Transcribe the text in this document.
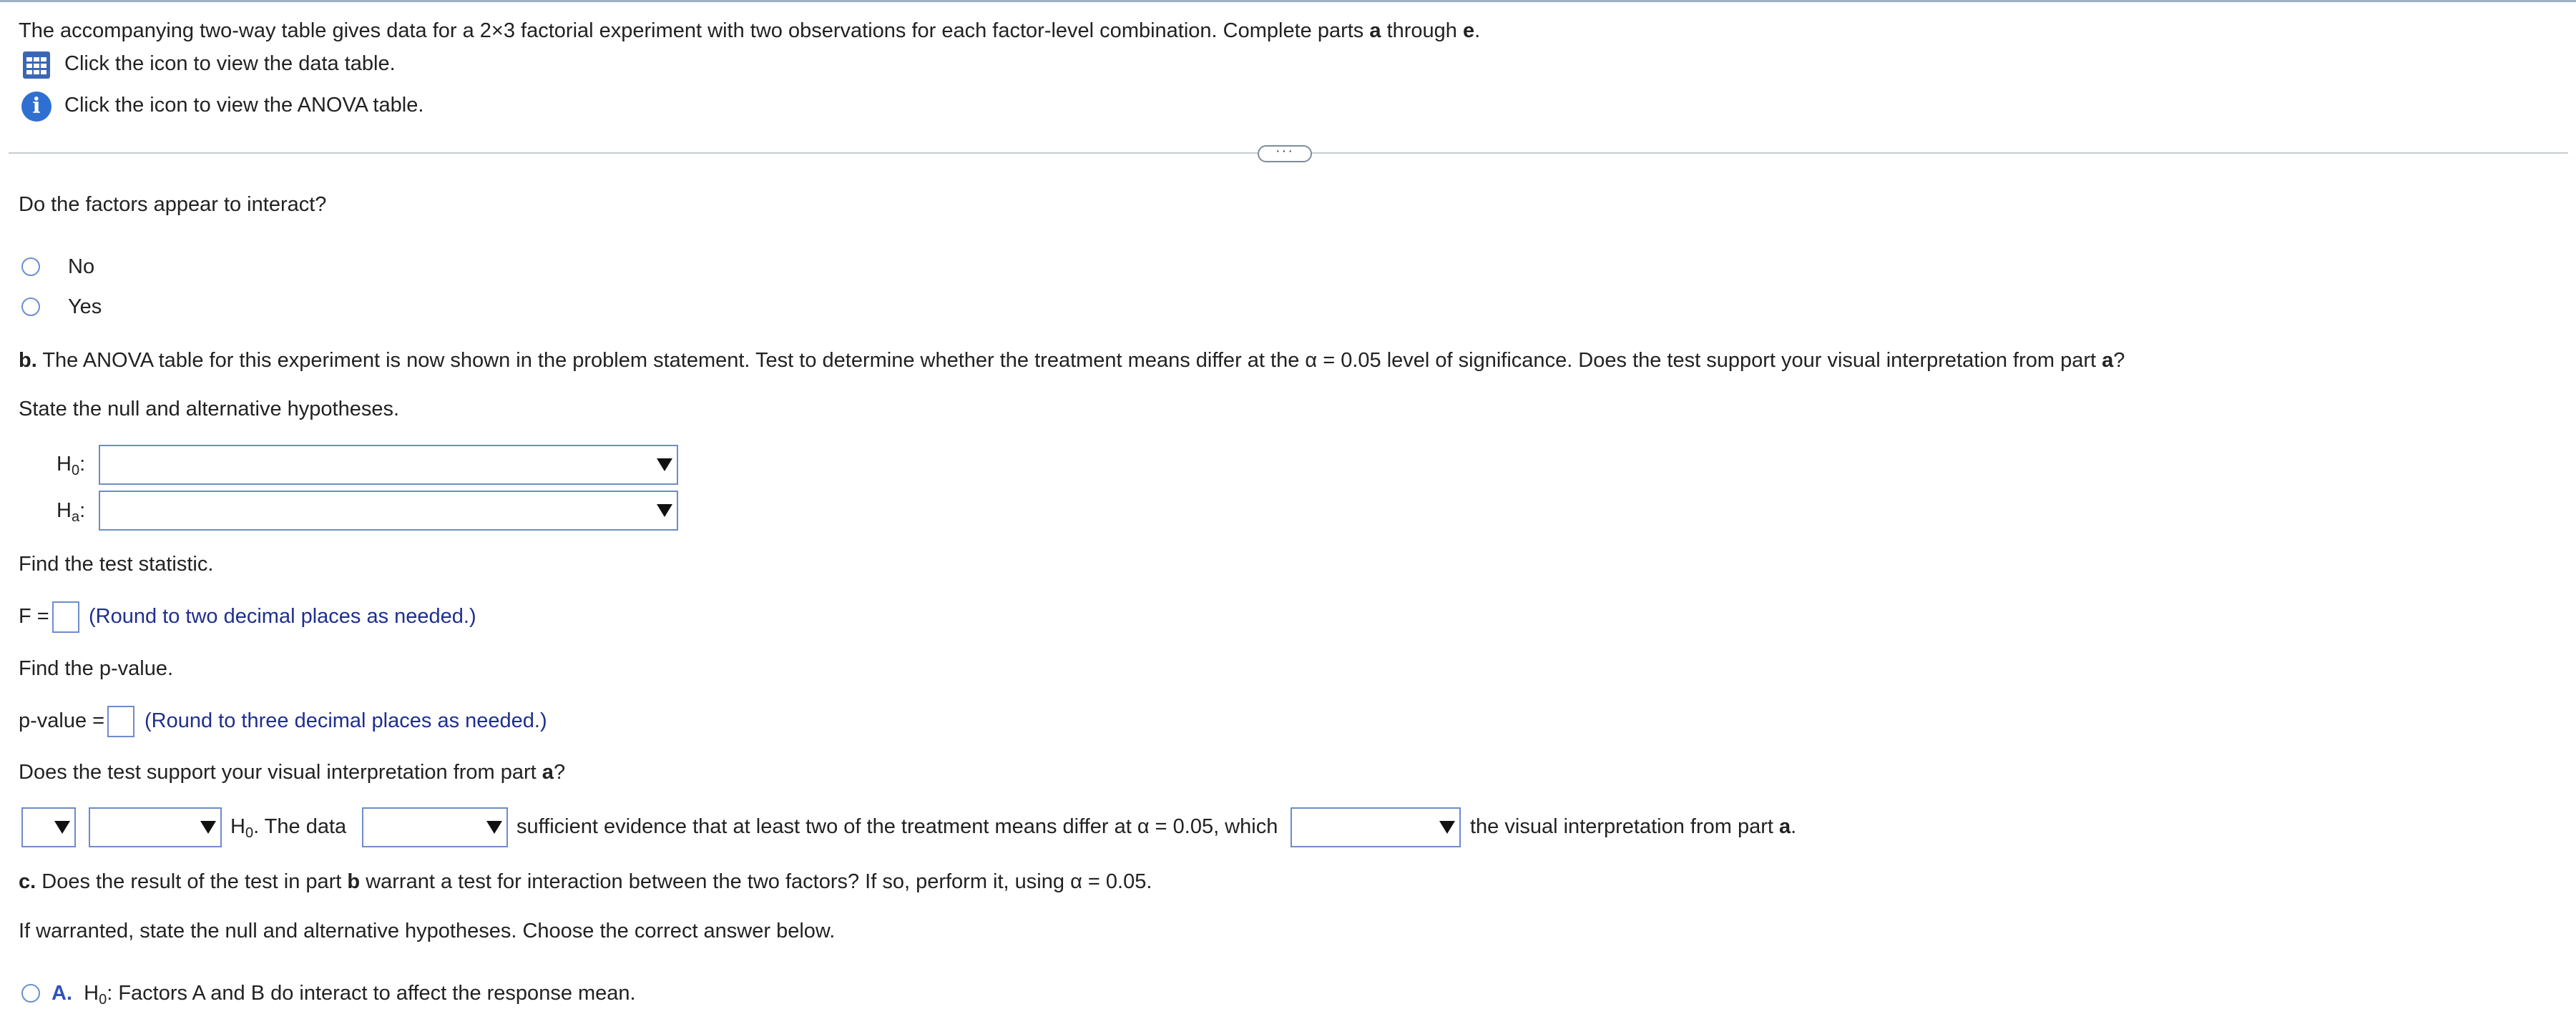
The accompanying two-way table gives data for a 2×3 factorial experiment with two observations for each factor-level combination. Complete parts a through e.
Click the icon to view the data table.
i	Click the icon to view the ANOVA table.
···
Do the factors appear to interact?
No
Yes
b. The ANOVA table for this experiment is now shown in the problem statement. Test to determine whether the treatment means differ at the α = 0.05 level of significance. Does the test support your visual interpretation from part a?
State the null and alternative hypotheses.
$H_0$:
$H_a$:
Find the test statistic.
F = (Round to two decimal places as needed.)
Find the p-value.
p-value = (Round to three decimal places as needed.)
Does the test support your visual interpretation from part a?
$H_0$. The data	sufficient evidence that at least two of the treatment means differ at α = 0.05, which	the visual interpretation from part a.
c. Does the result of the test in part b warrant a test for interaction between the two factors? If so, perform it, using α = 0.05.
If warranted, state the null and alternative hypotheses. Choose the correct answer below.
A. $H_0$: Factors A and B do interact to affect the response mean.
